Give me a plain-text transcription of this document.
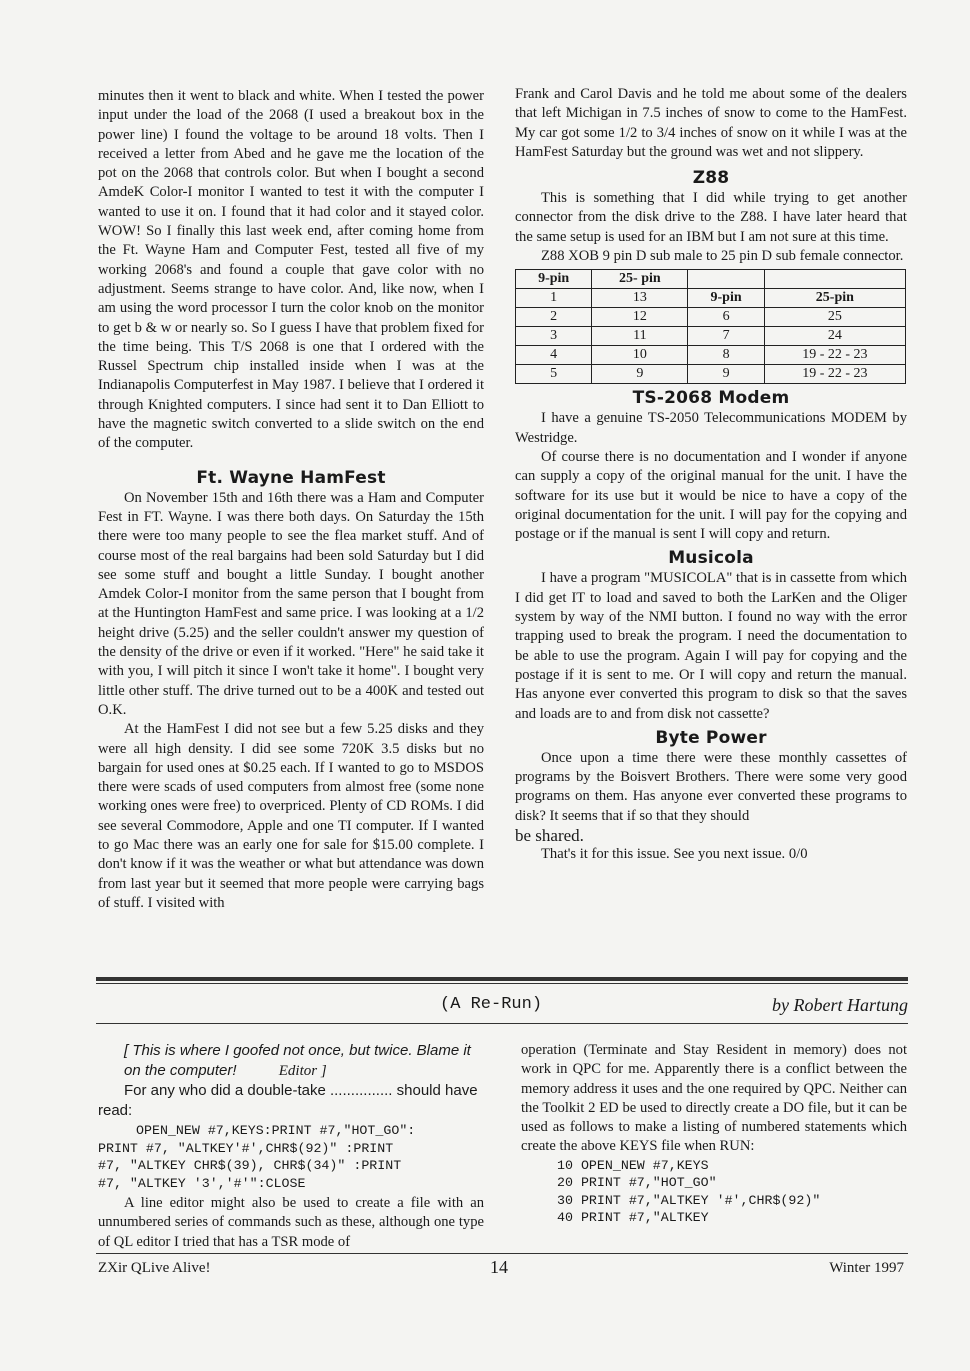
minutes then it went to black and white. When I tested the power input under the load of the 2068 (I used a breakout box in the power line) I found the voltage to be around 18 volts. Then I received a letter from Abed and he gave me the location of the pot on the 2068 that controls color. But when I bought a second AmdeK Color-I monitor I wanted to test it with the computer I wanted to use it on. I found that it had color and it stayed color. WOW! So I finally this last week end, after coming home from the Ft. Wayne Ham and Computer Fest, tested all five of my working 2068's and found a couple that gave color with no adjustment. Seems strange to have color. And, like now, when I am using the word processor I turn the color knob on the monitor to get b & w or nearly so. So I guess I have that problem fixed for the time being. This T/S 2068 is one that I ordered with the Russel Spectrum chip installed inside when I was at the Indianapolis Computerfest in May 1987. I believe that I ordered it through Knighted computers. I since had sent it to Dan Elliott to have the magnetic switch converted to a slide switch on the end of the computer.

Ft. Wayne HamFest

On November 15th and 16th there was a Ham and Computer Fest in FT. Wayne. I was there both days. On Saturday the 15th there were too many people to see the flea market stuff. And of course most of the real bargains had been sold Saturday but I did see some stuff and bought a little Sunday. I bought another Amdek Color-I monitor from the same person that I bought from at the Huntington HamFest and same price. I was looking at a 1/2 height drive (5.25) and the seller couldn't answer my question of the density of the drive or even if it worked. "Here" he said take it with you, I will pitch it since I won't take it home". I bought very little other stuff. The drive turned out to be a 400K and tested out O.K.

At the HamFest I did not see but a few 5.25 disks and they were all high density. I did see some 720K 3.5 disks but no bargain for used ones at $0.25 each. If I wanted to go to MSDOS there were scads of used computers from almost free (some none working ones were free) to overpriced. Plenty of CD ROMs. I did see several Commodore, Apple and one TI computer. If I wanted to go Mac there was an early one for sale for $15.00 complete. I don't know if it was the weather or what but attendance was down from last year but it seemed that more people were carrying bags of stuff. I visited with

Frank and Carol Davis and he told me about some of the dealers that left Michigan in 7.5 inches of snow to come to the HamFest. My car got some 1/2 to 3/4 inches of snow on it while I was at the HamFest Saturday but the ground was wet and not slippery.

Z88

This is something that I did while trying to get another connector from the disk drive to the Z88. I have later heard that the same setup is used for an IBM but I am not sure at this time.

Z88 XOB 9 pin D sub male to 25 pin D sub female connector.

9-pin	25- pin		
1	13	9-pin	25-pin
2	12	6	25
3	11	7	24
4	10	8	19 - 22 - 23
5	9	9	19 - 22 - 23
TS-2068 Modem

I have a genuine TS-2050 Telecommunications MODEM by Westridge.

Of course there is no documentation and I wonder if anyone can supply a copy of the original manual for the unit. I have the software for its use but it would be nice to have a copy of the original documentation for the unit. I will pay for the copying and postage or if the manual is sent I will copy and return.

Musicola

I have a program "MUSICOLA" that is in cassette from which I did get IT to load and saved to both the LarKen and the Oliger system by way of the NMI button. I found no way with the error trapping used to break the program. I need the documentation to be able to use the program. Again I will pay for copying and the postage if it is sent to me. Or I will copy and return the manual. Has anyone ever converted this program to disk so that the saves and loads are to and from disk not cassette?

Byte Power

Once upon a time there were these monthly cassettes of programs by the Boisvert Brothers. There were some very good programs on them. Has anyone ever converted these programs to disk? It seems that if so that they should

be shared.

That's it for this issue. See you next issue. 0/0

(A Re-Run)	by Robert Hartung
[ This is where I goofed not once, but twice. Blame it on the computer!	Editor ]

For any who did a double-take ............... should have read:

OPEN_NEW #7,KEYS:PRINT #7,"HOT_GO":
PRINT #7, "ALTKEY'#',CHR$(92)" :PRINT
#7, "ALTKEY CHR$(39), CHR$(34)" :PRINT
#7, "ALTKEY '3','#'":CLOSE

A line editor might also be used to create a file with an unnumbered series of commands such as these, although one type of QL editor I tried that has a TSR mode of

operation (Terminate and Stay Resident in memory) does not work in QPC for me. Apparently there is a conflict between the memory address it uses and the one required by QPC. Neither can the Toolkit 2 ED be used to directly create a DO file, but it can be used as follows to make a listing of numbered statements which create the above KEYS file when RUN:

10 OPEN_NEW #7,KEYS
20 PRINT #7,"HOT_GO"
30 PRINT #7,"ALTKEY '#',CHR$(92)"
40 PRINT #7,"ALTKEY
ZXir QLive Alive!	14	Winter 1997
